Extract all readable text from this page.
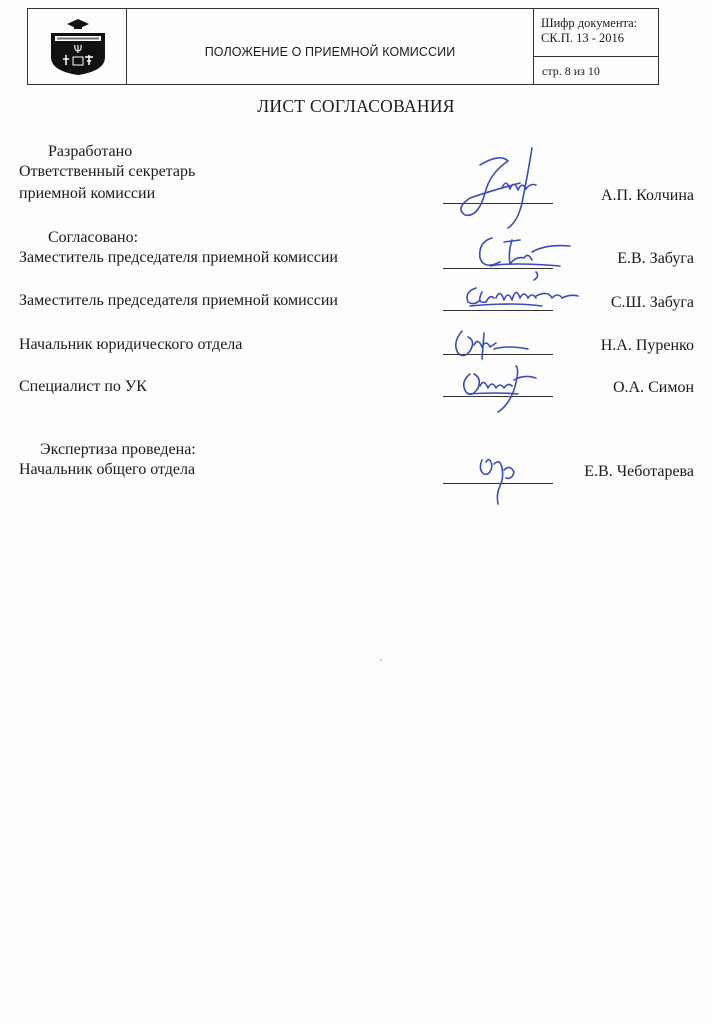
Ψ	ПОЛОЖЕНИЕ О ПРИЕМНОЙ КОМИССИИ
Шифр документа:

СК.П. 13 - 2016
стр. 8 из 10
ЛИСТ СОГЛАСОВАНИЯ
Разработано
Ответственный секретарь
приемной комиссии	А.П. Колчина
Согласовано:
Заместитель председателя приемной комиссии	Е.В. Забуга
Заместитель председателя приемной комиссии	С.Ш. Забуга
Начальник юридического отдела	Н.А. Пуренко
Специалист по УК	О.А. Симон
Экспертиза проведена:
Начальник общего отдела	Е.В. Чеботарева
